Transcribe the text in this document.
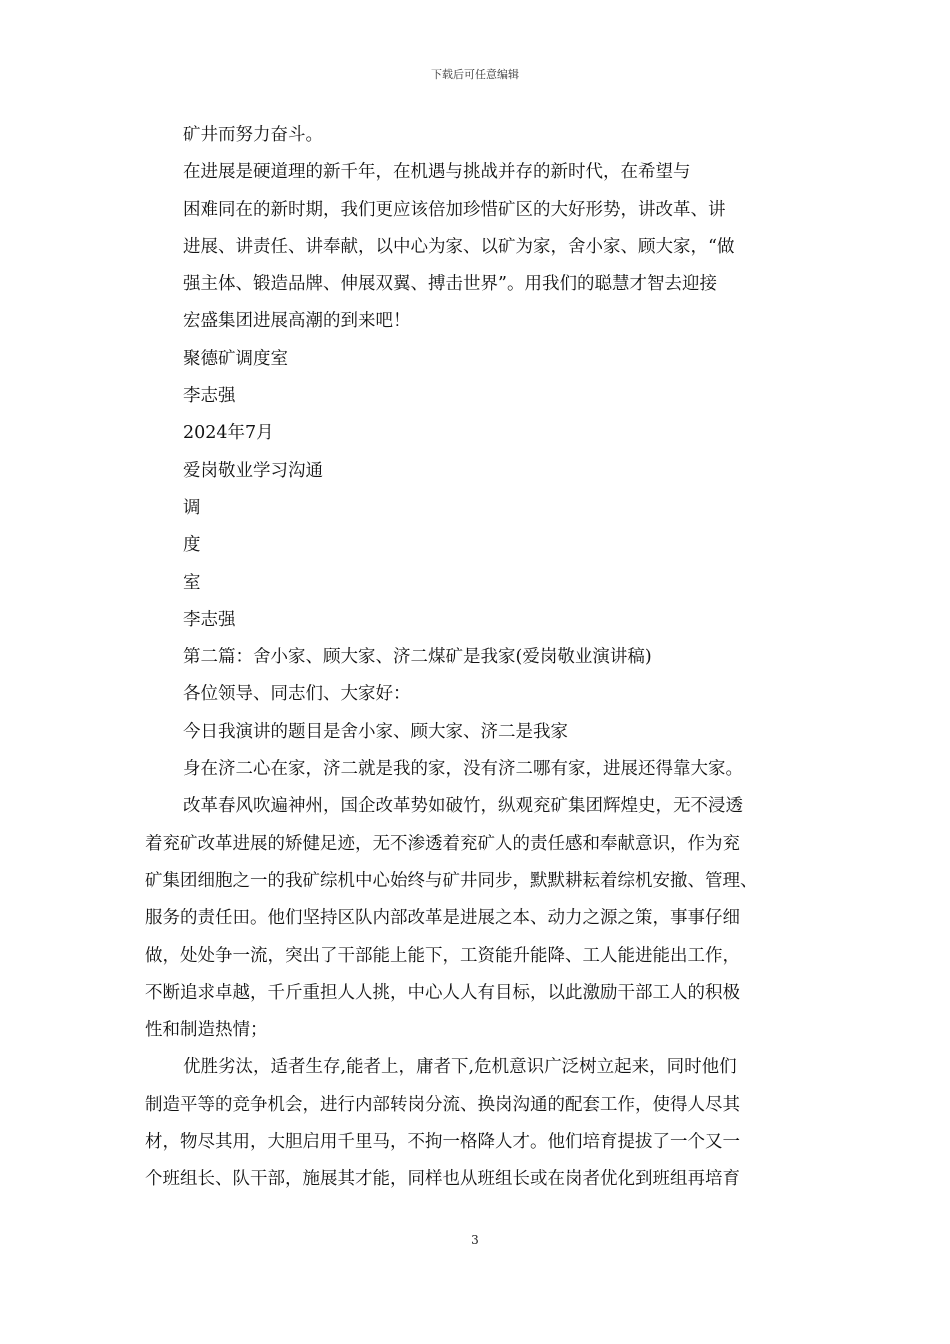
下载后可任意编辑
矿井而努力奋斗。
在进展是硬道理的新千年，在机遇与挑战并存的新时代，在希望与
困难同在的新时期，我们更应该倍加珍惜矿区的大好形势，讲改革、讲
进展、讲责任、讲奉献，以中心为家、以矿为家，舍小家、顾大家，“做
强主体、锻造品牌、伸展双翼、搏击世界”。用我们的聪慧才智去迎接
宏盛集团进展高潮的到来吧！
聚德矿调度室
李志强
2024年7月
爱岗敬业学习沟通
调
度
室
李志强
第二篇：舍小家、顾大家、济二煤矿是我家(爱岗敬业演讲稿)
各位领导、同志们、大家好：
今日我演讲的题目是舍小家、顾大家、济二是我家
身在济二心在家，济二就是我的家，没有济二哪有家，进展还得靠大家。
改革春风吹遍神州，国企改革势如破竹，纵观兖矿集团辉煌史，无不浸透
着兖矿改革进展的矫健足迹，无不渗透着兖矿人的责任感和奉献意识，作为兖
矿集团细胞之一的我矿综机中心始终与矿井同步，默默耕耘着综机安撤、管理、
服务的责任田。他们坚持区队内部改革是进展之本、动力之源之策，事事仔细
做，处处争一流，突出了干部能上能下，工资能升能降、工人能进能出工作，
不断追求卓越，千斤重担人人挑，中心人人有目标，以此激励干部工人的积极
性和制造热情；
优胜劣汰，适者生存,能者上，庸者下,危机意识广泛树立起来，同时他们
制造平等的竞争机会，进行内部转岗分流、换岗沟通的配套工作，使得人尽其
材，物尽其用，大胆启用千里马，不拘一格降人才。他们培育提拔了一个又一
个班组长、队干部，施展其才能，同样也从班组长或在岗者优化到班组再培育
3
